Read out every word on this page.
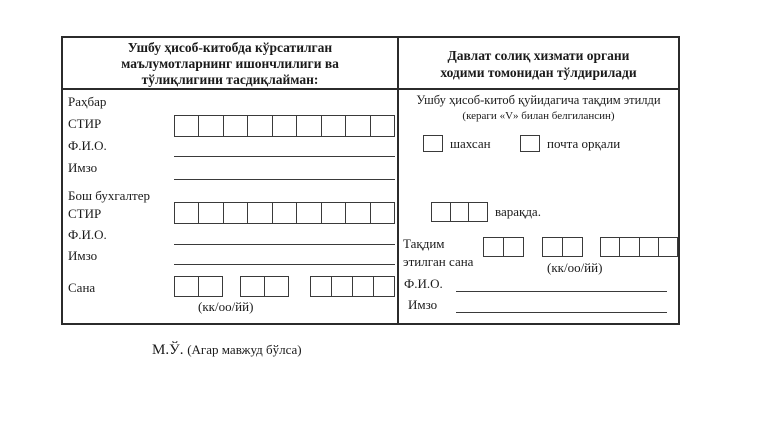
Ушбу ҳисоб-китобда кўрсатилган
маълумотларнинг ишончлилиги ва
тўлиқлигини тасдиқлайман:
Давлат солиқ хизмати органи
ходими томонидан тўлдирилади
Раҳбар
СТИР
Ф.И.О.
Имзо
Бош бухгалтер
СТИР
Ф.И.О.
Имзо
Сана
(кк/оо/йй)
Ушбу ҳисоб-китоб қуйидагича тақдим этилди
(кераги «V» билан белгилансин)
шахсан	почта орқали
варақда.
Тақдим
этилган сана	(кк/оо/йй)
Ф.И.О.
Имзо
М.Ў. (Агар мавжуд бўлса)
